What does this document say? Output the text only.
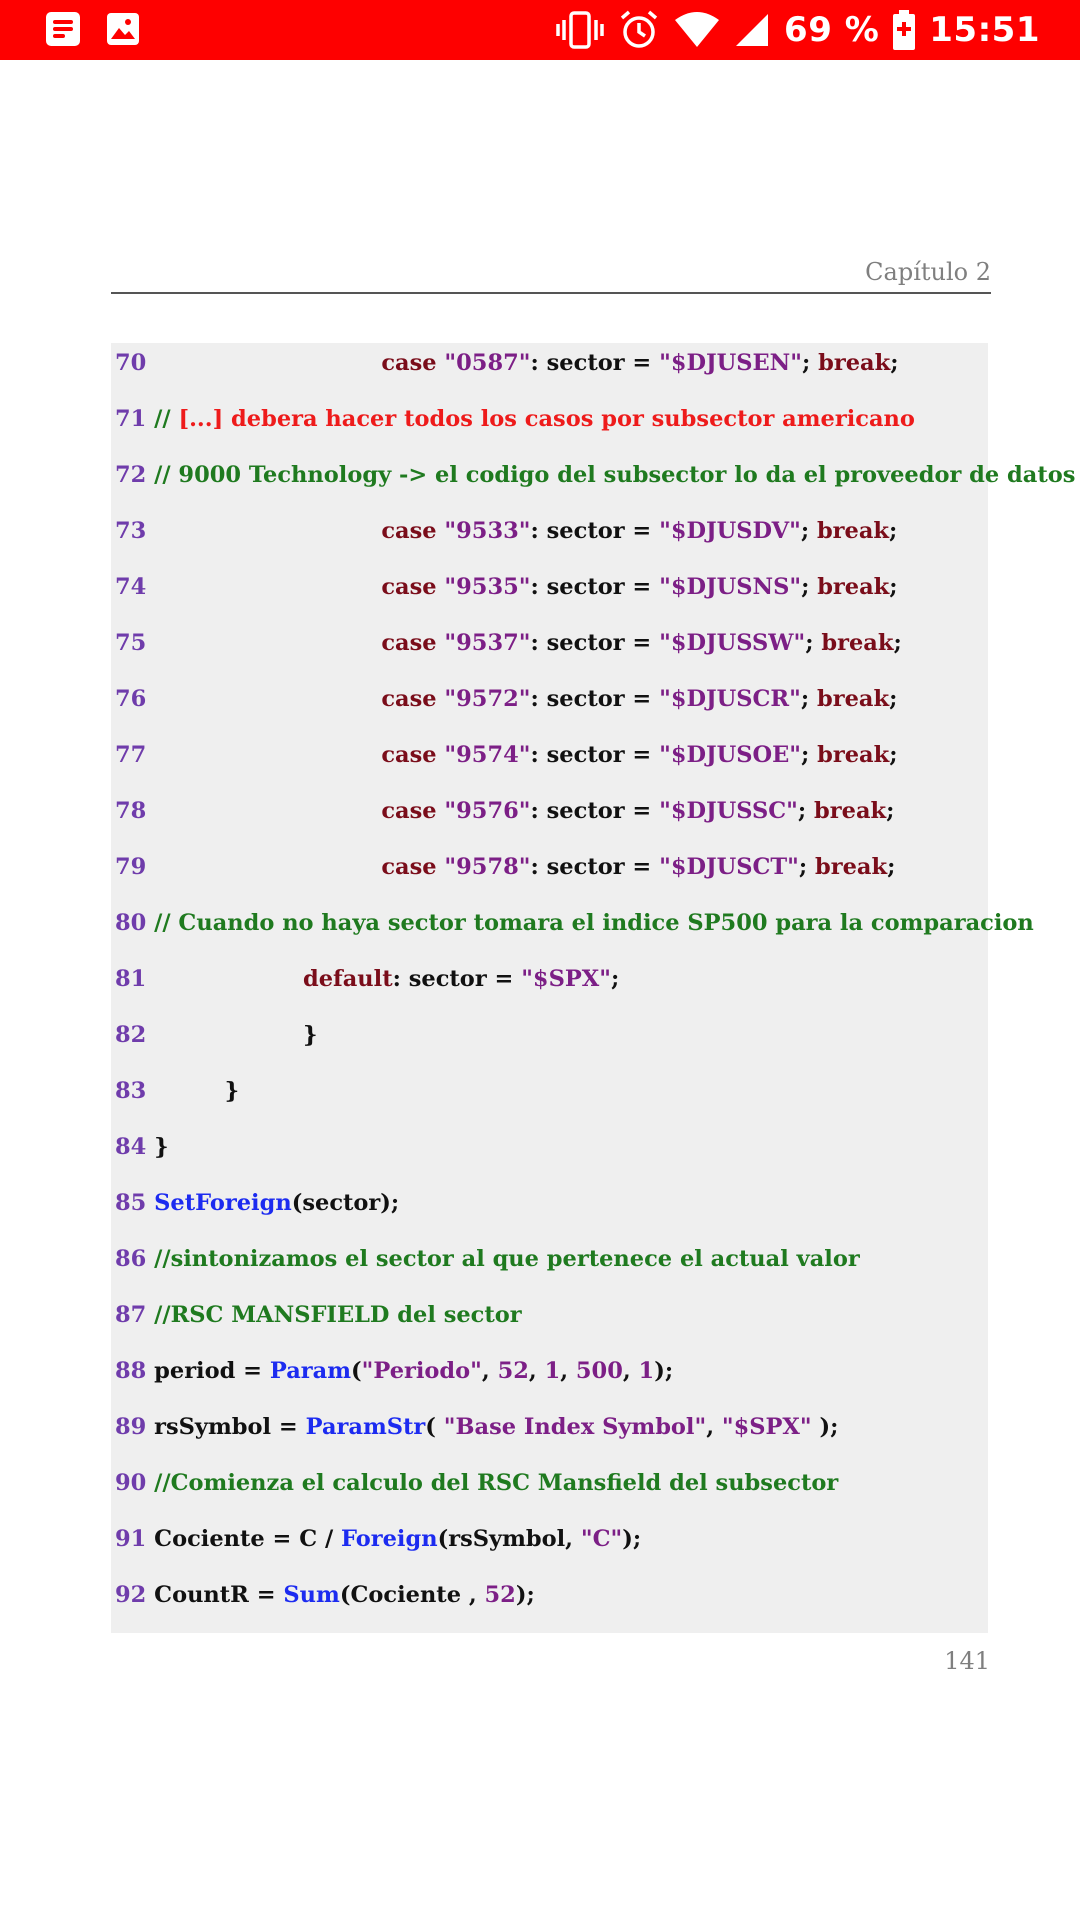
69 % 15:51
Capítulo 2
70	case "0587": sector = "$DJUSEN"; break;
71 // [...] debera hacer todos los casos por subsector americano
72 // 9000 Technology -> el codigo del subsector lo da el proveedor de datos
73	case "9533": sector = "$DJUSDV"; break;
74	case "9535": sector = "$DJUSNS"; break;
75	case "9537": sector = "$DJUSSW"; break;
76	case "9572": sector = "$DJUSCR"; break;
77	case "9574": sector = "$DJUSOE"; break;
78	case "9576": sector = "$DJUSSC"; break;
79	case "9578": sector = "$DJUSCT"; break;
80 // Cuando no haya sector tomara el indice SP500 para la comparacion
81	default: sector = "$SPX";
82	}
83	}
84 }
85 SetForeign(sector);
86 //sintonizamos el sector al que pertenece el actual valor
87 //RSC MANSFIELD del sector
88 period = Param("Periodo", 52, 1, 500, 1);
89 rsSymbol = ParamStr( "Base Index Symbol", "$SPX" );
90 //Comienza el calculo del RSC Mansfield del subsector
91 Cociente = C / Foreign(rsSymbol, "C");
92 CountR = Sum(Cociente , 52);
141
